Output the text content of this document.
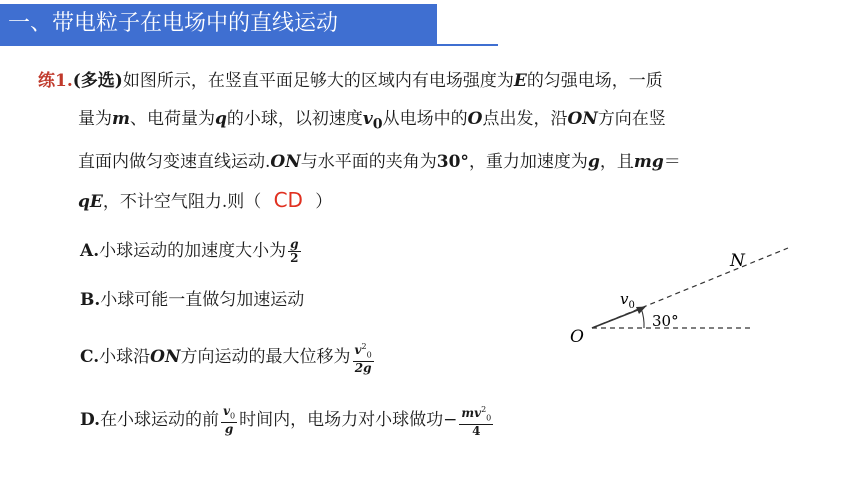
一、带电粒子在电场中的直线运动
练1.(多选)如图所示，在竖直平面足够大的区域内有电场强度为E的匀强电场，一质
量为m、电荷量为q的小球，以初速度$v_0$从电场中的O点出发，沿ON方向在竖
直面内做匀变速直线运动.ON与水平面的夹角为30°，重力加速度为g，且mg＝
qE，不计空气阻力.则（ CD ）
A.小球运动的加速度大小为 $\frac{g}{2}$
B.小球可能一直做匀加速运动
C.小球沿ON方向运动的最大位移为 $\frac{v^2_0}{2g}$
D.在小球运动的前 $\frac{v_0}{g}$ 时间内，电场力对小球做功− $\frac{mv^2_0}{4}$
O
N
$v_0$
30°
